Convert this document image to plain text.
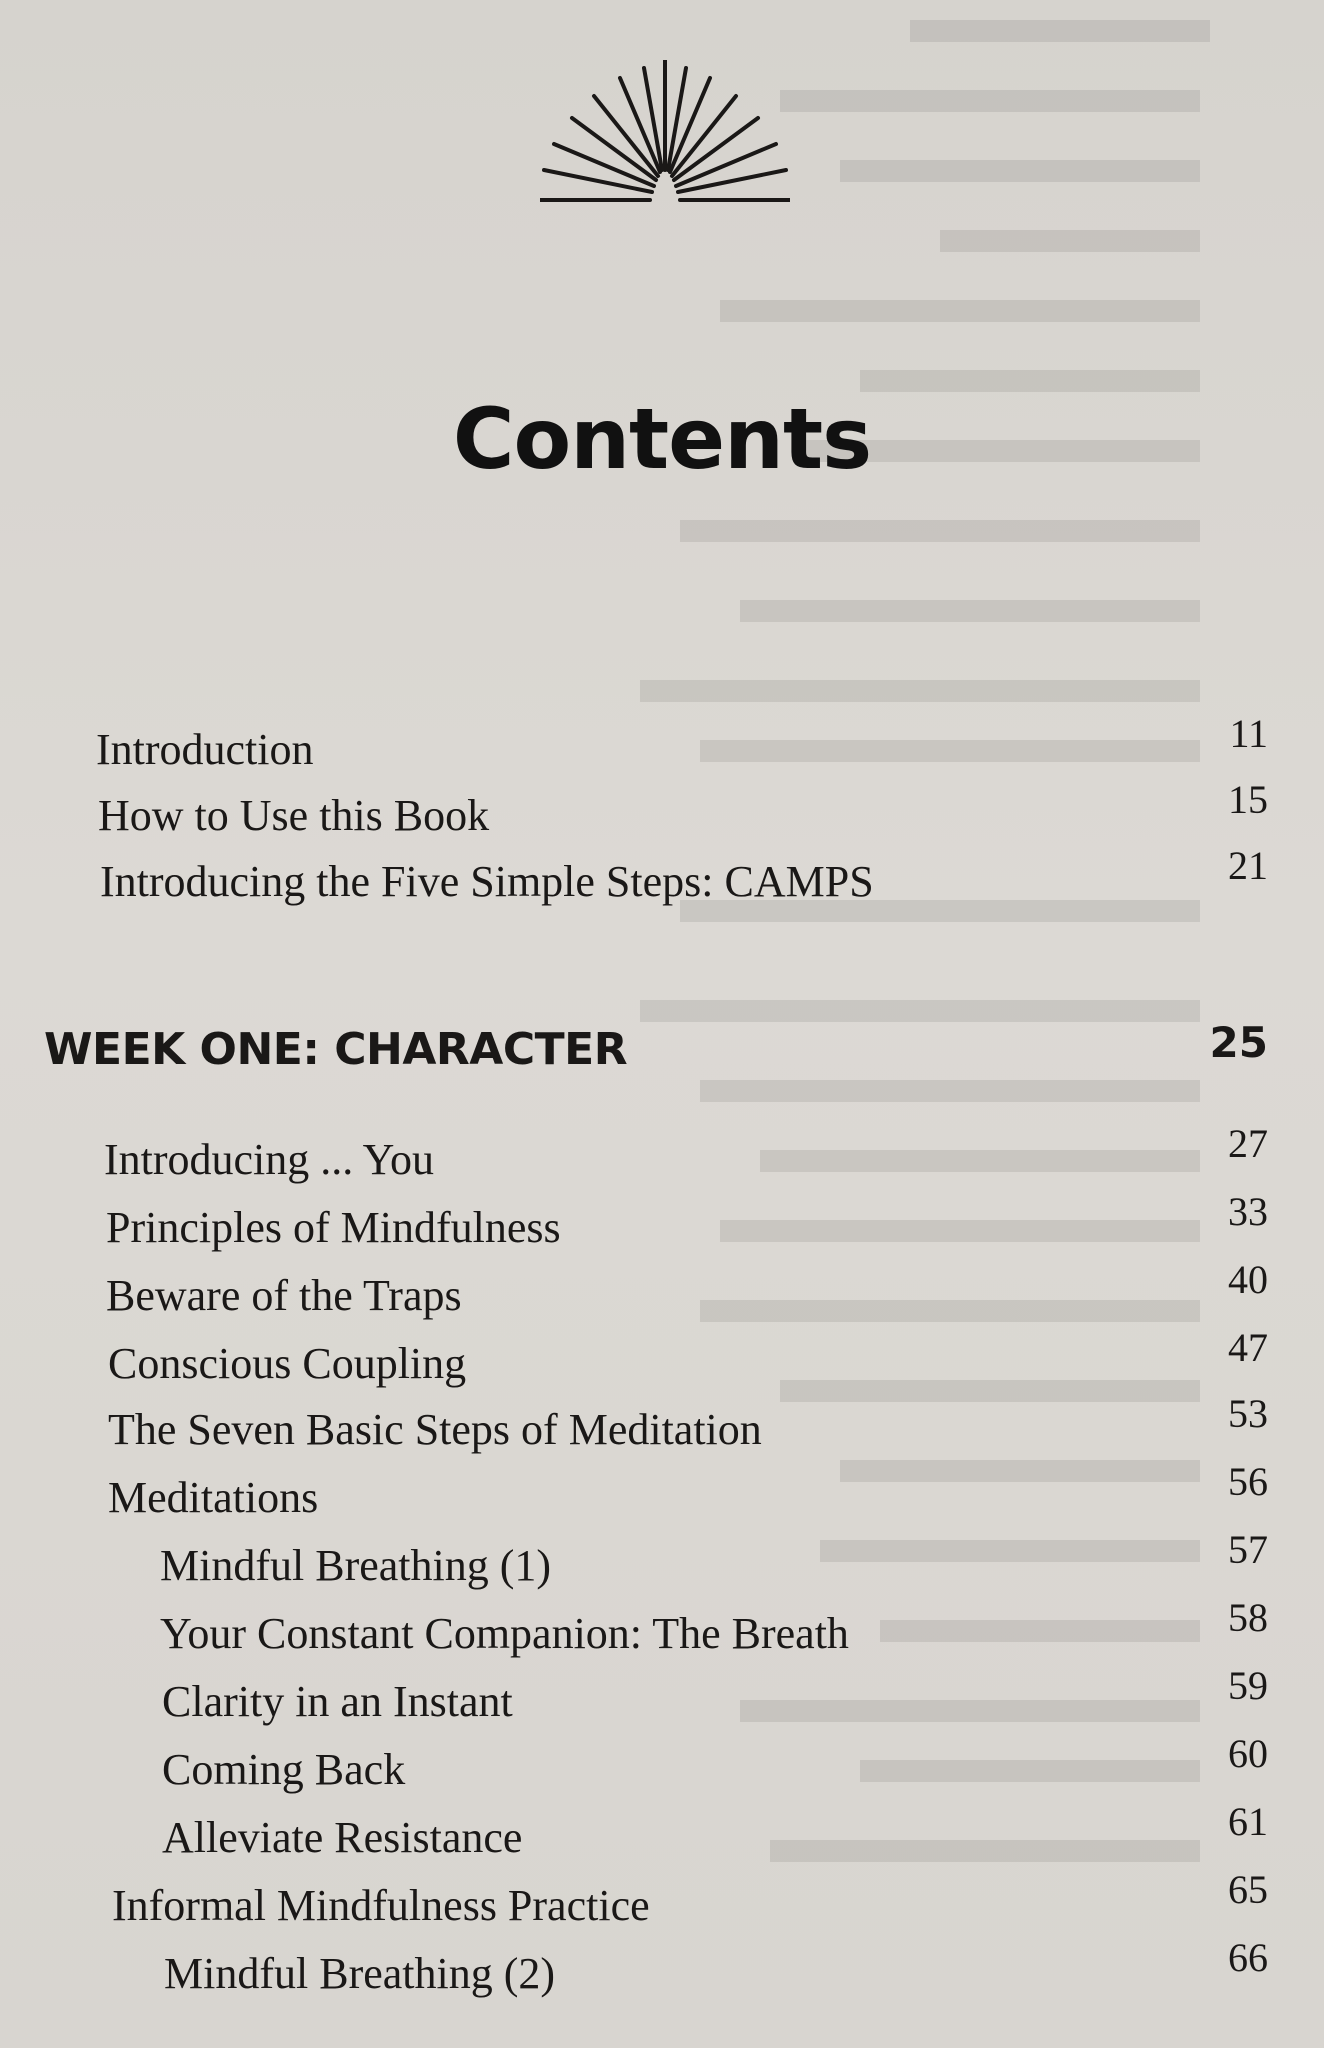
Contents
Introduction	11
How to Use this Book	15
Introducing the Five Simple Steps: CAMPS	21
WEEK ONE: CHARACTER	25
Introducing ... You	27
Principles of Mindfulness	33
Beware of the Traps	40
Conscious Coupling	47
The Seven Basic Steps of Meditation	53
Meditations	56
Mindful Breathing (1)	57
Your Constant Companion: The Breath	58
Clarity in an Instant	59
Coming Back	60
Alleviate Resistance	61
Informal Mindfulness Practice	65
Mindful Breathing (2)	66
